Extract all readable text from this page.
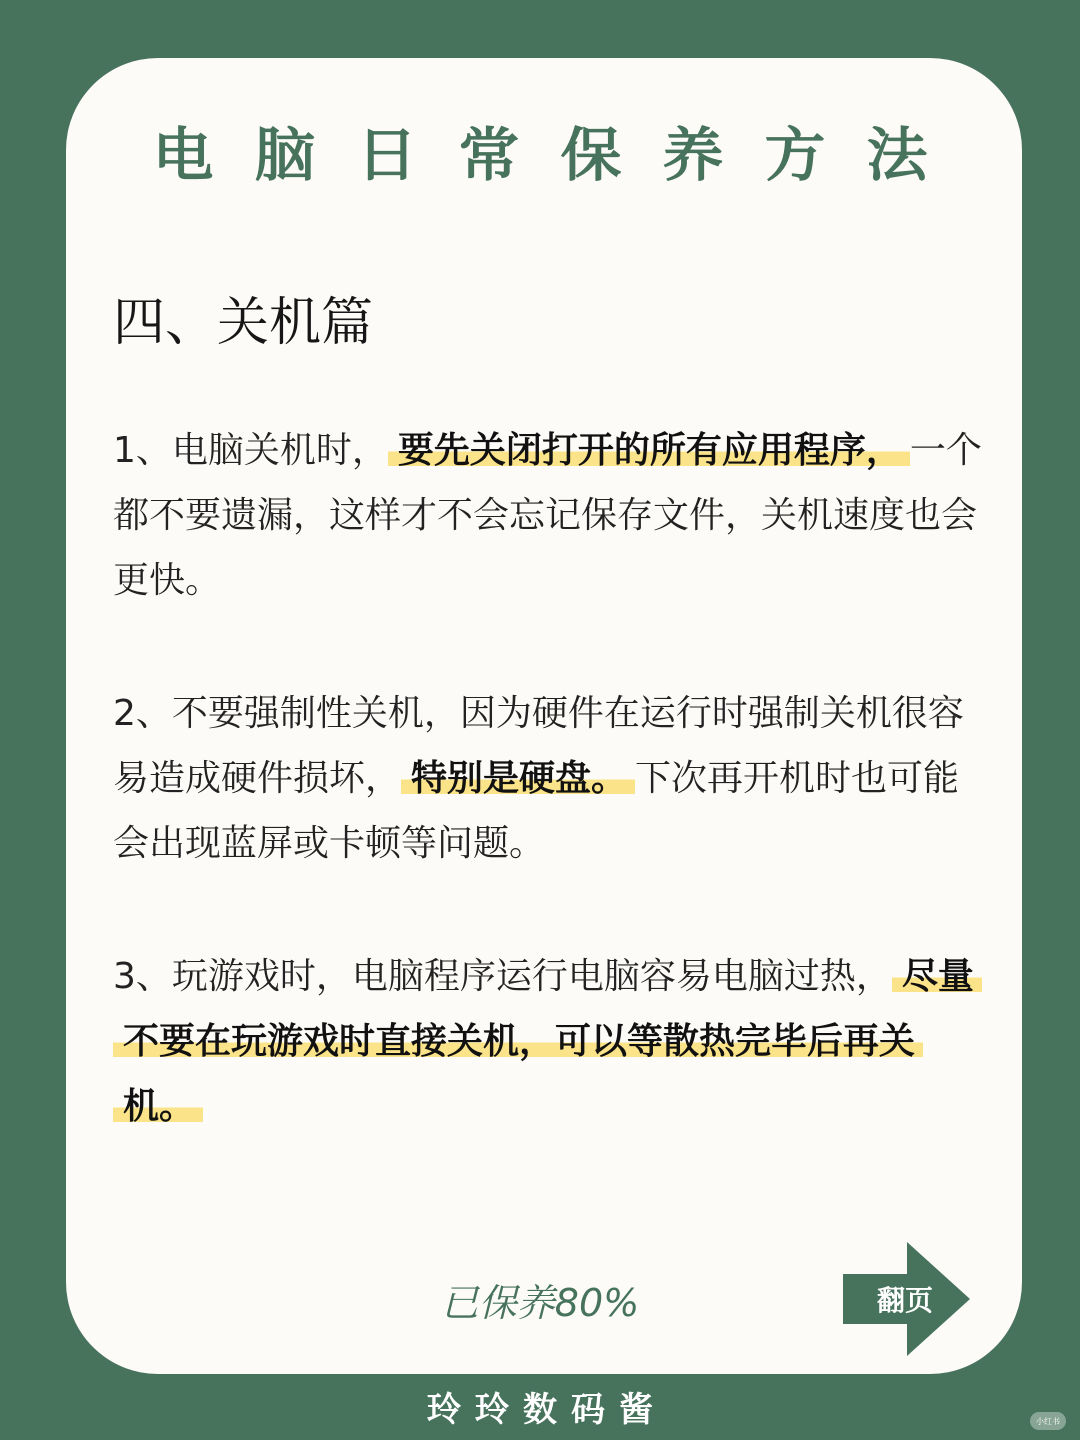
电 脑 日 常 保 养 方 法
四、关机篇

1、电脑关机时， 要先关闭打开的所有应用程序， 一个都不要遗漏，这样才不会忘记保存文件，关机速度也会更快。

2、不要强制性关机，因为硬件在运行时强制关机很容易造成硬件损坏， 特别是硬盘。 下次再开机时也可能会出现蓝屏或卡顿等问题。

3、玩游戏时，电脑程序运行电脑容易电脑过热， 尽量不要在玩游戏时直接关机，可以等散热完毕后再关机。

已保养80%	翻页
玲 玲 数 码 酱	小红书
